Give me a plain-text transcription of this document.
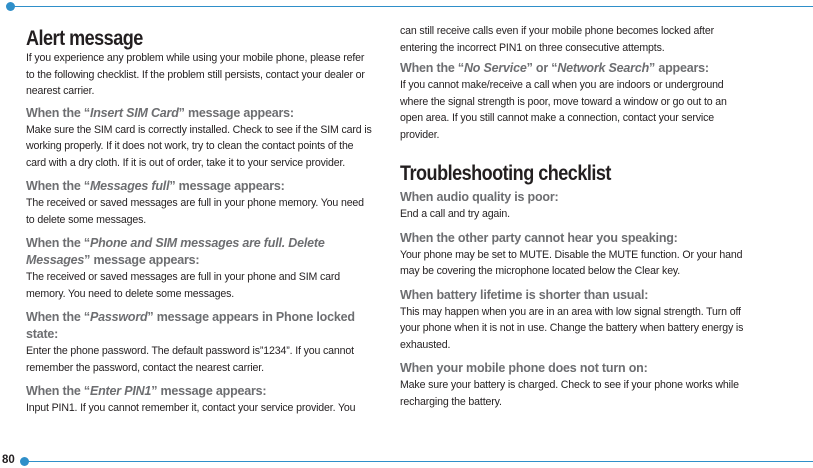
Alert message

If you experience any problem while using your mobile phone, please refer to the following checklist. If the problem still persists, contact your dealer or nearest carrier.

When the “Insert SIM Card” message appears:

Make sure the SIM card is correctly installed. Check to see if the SIM card is working properly. If it does not work, try to clean the contact points of the card with a dry cloth. If it is out of order, take it to your service provider.

When the “Messages full” message appears:

The received or saved messages are full in your phone memory. You need to delete some messages.

When the “Phone and SIM messages are full. Delete Messages” message appears:

The received or saved messages are full in your phone and SIM card memory. You need to delete some messages.

When the “Password” message appears in Phone locked state:

Enter the phone password. The default password is”1234”. If you cannot remember the password, contact the nearest carrier.

When the “Enter PIN1” message appears:

Input PIN1. If you cannot remember it, contact your service provider. You

can still receive calls even if your mobile phone becomes locked after entering the incorrect PIN1 on three consecutive attempts.

When the “No Service” or “Network Search” appears:

If you cannot make/receive a call when you are indoors or underground where the signal strength is poor, move toward a window or go out to an open area. If you still cannot make a connection, contact your service provider.

Troubleshooting checklist
When audio quality is poor:

End a call and try again.

When the other party cannot hear you speaking:

Your phone may be set to MUTE. Disable the MUTE function. Or your hand may be covering the microphone located below the Clear key.

When battery lifetime is shorter than usual:

This may happen when you are in an area with low signal strength. Turn off your phone when it is not in use. Change the battery when battery energy is exhausted.

When your mobile phone does not turn on:

Make sure your battery is charged. Check to see if your phone works while recharging the battery.

80
